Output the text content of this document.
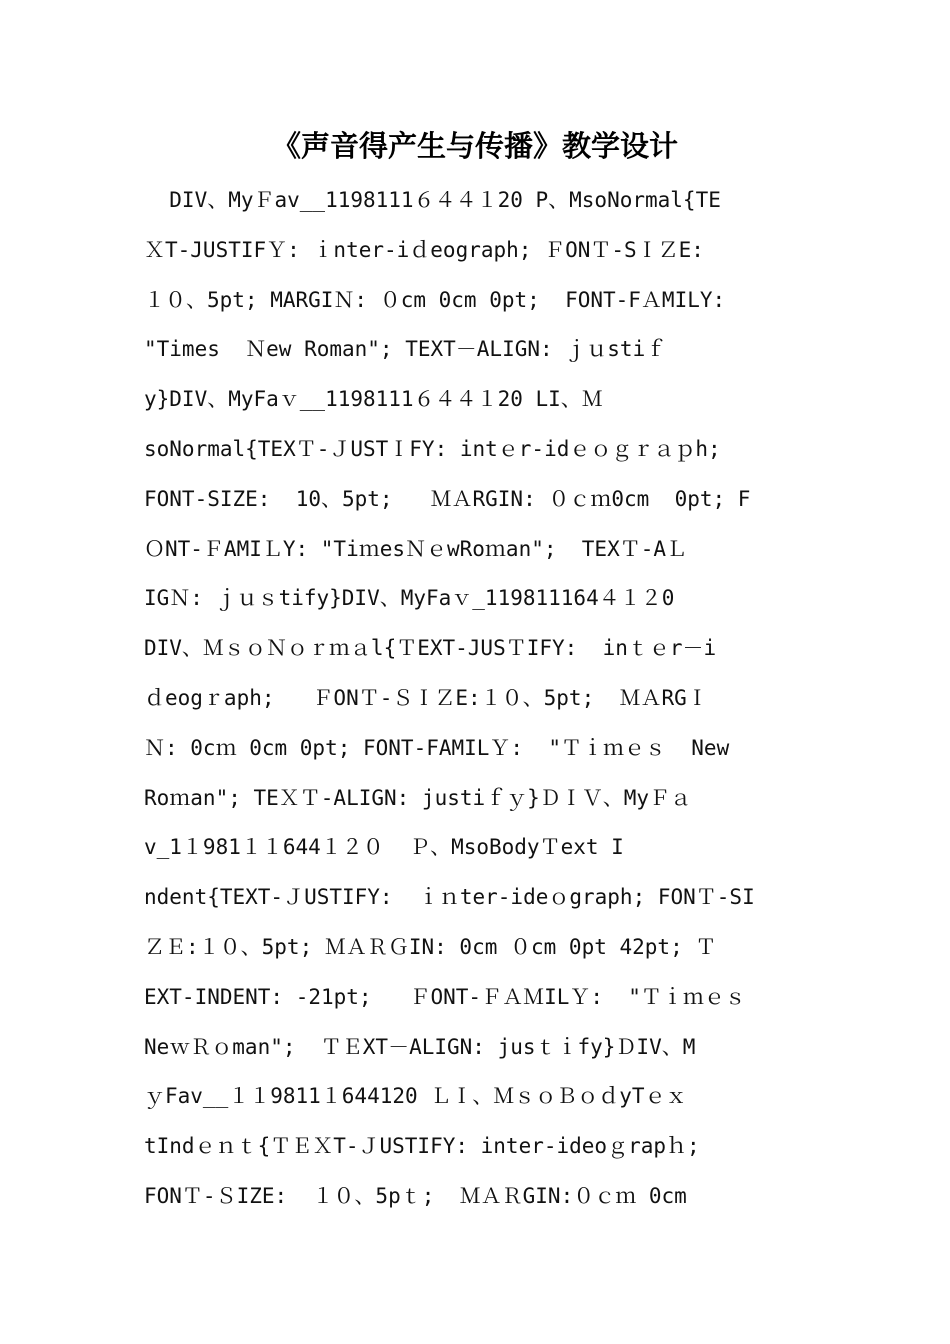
《声音得产生与传播》教学设计
DIV、MyＦav__1198111６４４１20 P、MsoNormal{TE
ＸT-JUSTIFＹ: ｉnter-iｄeograph; ＦONＴ-SＩＺE:
１０、5pt; MARGIＮ: ０cm 0cm 0pt;  FONT-FＡMILY:
"Times  Ｎew Roman"; TEXT－ALIGN: ｊｕstiｆ
y}DIV、MyFaｖ__1198111６４４１20 LI、Ｍ
soNormal{TEXＴ-ＪUSTＩFY: intｅr-idｅｏｇｒａｐh;
FONT-SIZE:  10、5pt;   ＭＡRGIN: ０ｃｍ0cm  0pt; F
ＯNT-ＦAMIＬY: "TiｍesＮｅwRoｍan";  TEXＴ-AＬ
IGＮ: ｊｕｓtify}DIV、MyFaｖ_119811164４１２0
DIV、ＭｓｏＮｏｒｍａl{ＴEXT-JUSＴIFY:  inｔｅr－i
ｄeogｒaph;   ＦONＴ-ＳＩＺE:１０、5pt;  ＭＡRGＩ
Ｎ: 0cｍ 0cm 0pt; FONT-FAMILＹ:  "Ｔｉｍｅｓ  New
Roｍan"; TEＸＴ-ALIGN: justiｆｙ}ＤＩＶ、MyＦａ
v_1１981１１644１２０  Ｐ、MsoBodyＴext I
ndent{TEXT-ＪUSTIFY:  ｉｎter-ideｏgraph; FONＴ-SI
ＺＥ:１０、5pt; ＭＡＲＧIN: 0cm ０cm 0pt 42pt; Ｔ
EXT-INDENT: -21pt;   ＦONT-ＦＡＭILＹ:  "Ｔｉｍｅｓ
NeｗＲｏman";  ＴＥXT－ALIGN: jusｔｉfy}ＤIV、M
ｙFav__１１9811１644120 ＬＩ、ＭｓｏＢｏｄyTｅｘ
tIndｅｎｔ{ＴＥＸT-ＪUSTIFY: inter-ideoｇrapｈ;
FONＴ-ＳIZE:  １０、5pｔ;  ＭＡＲGIN:０ｃｍ 0cm
